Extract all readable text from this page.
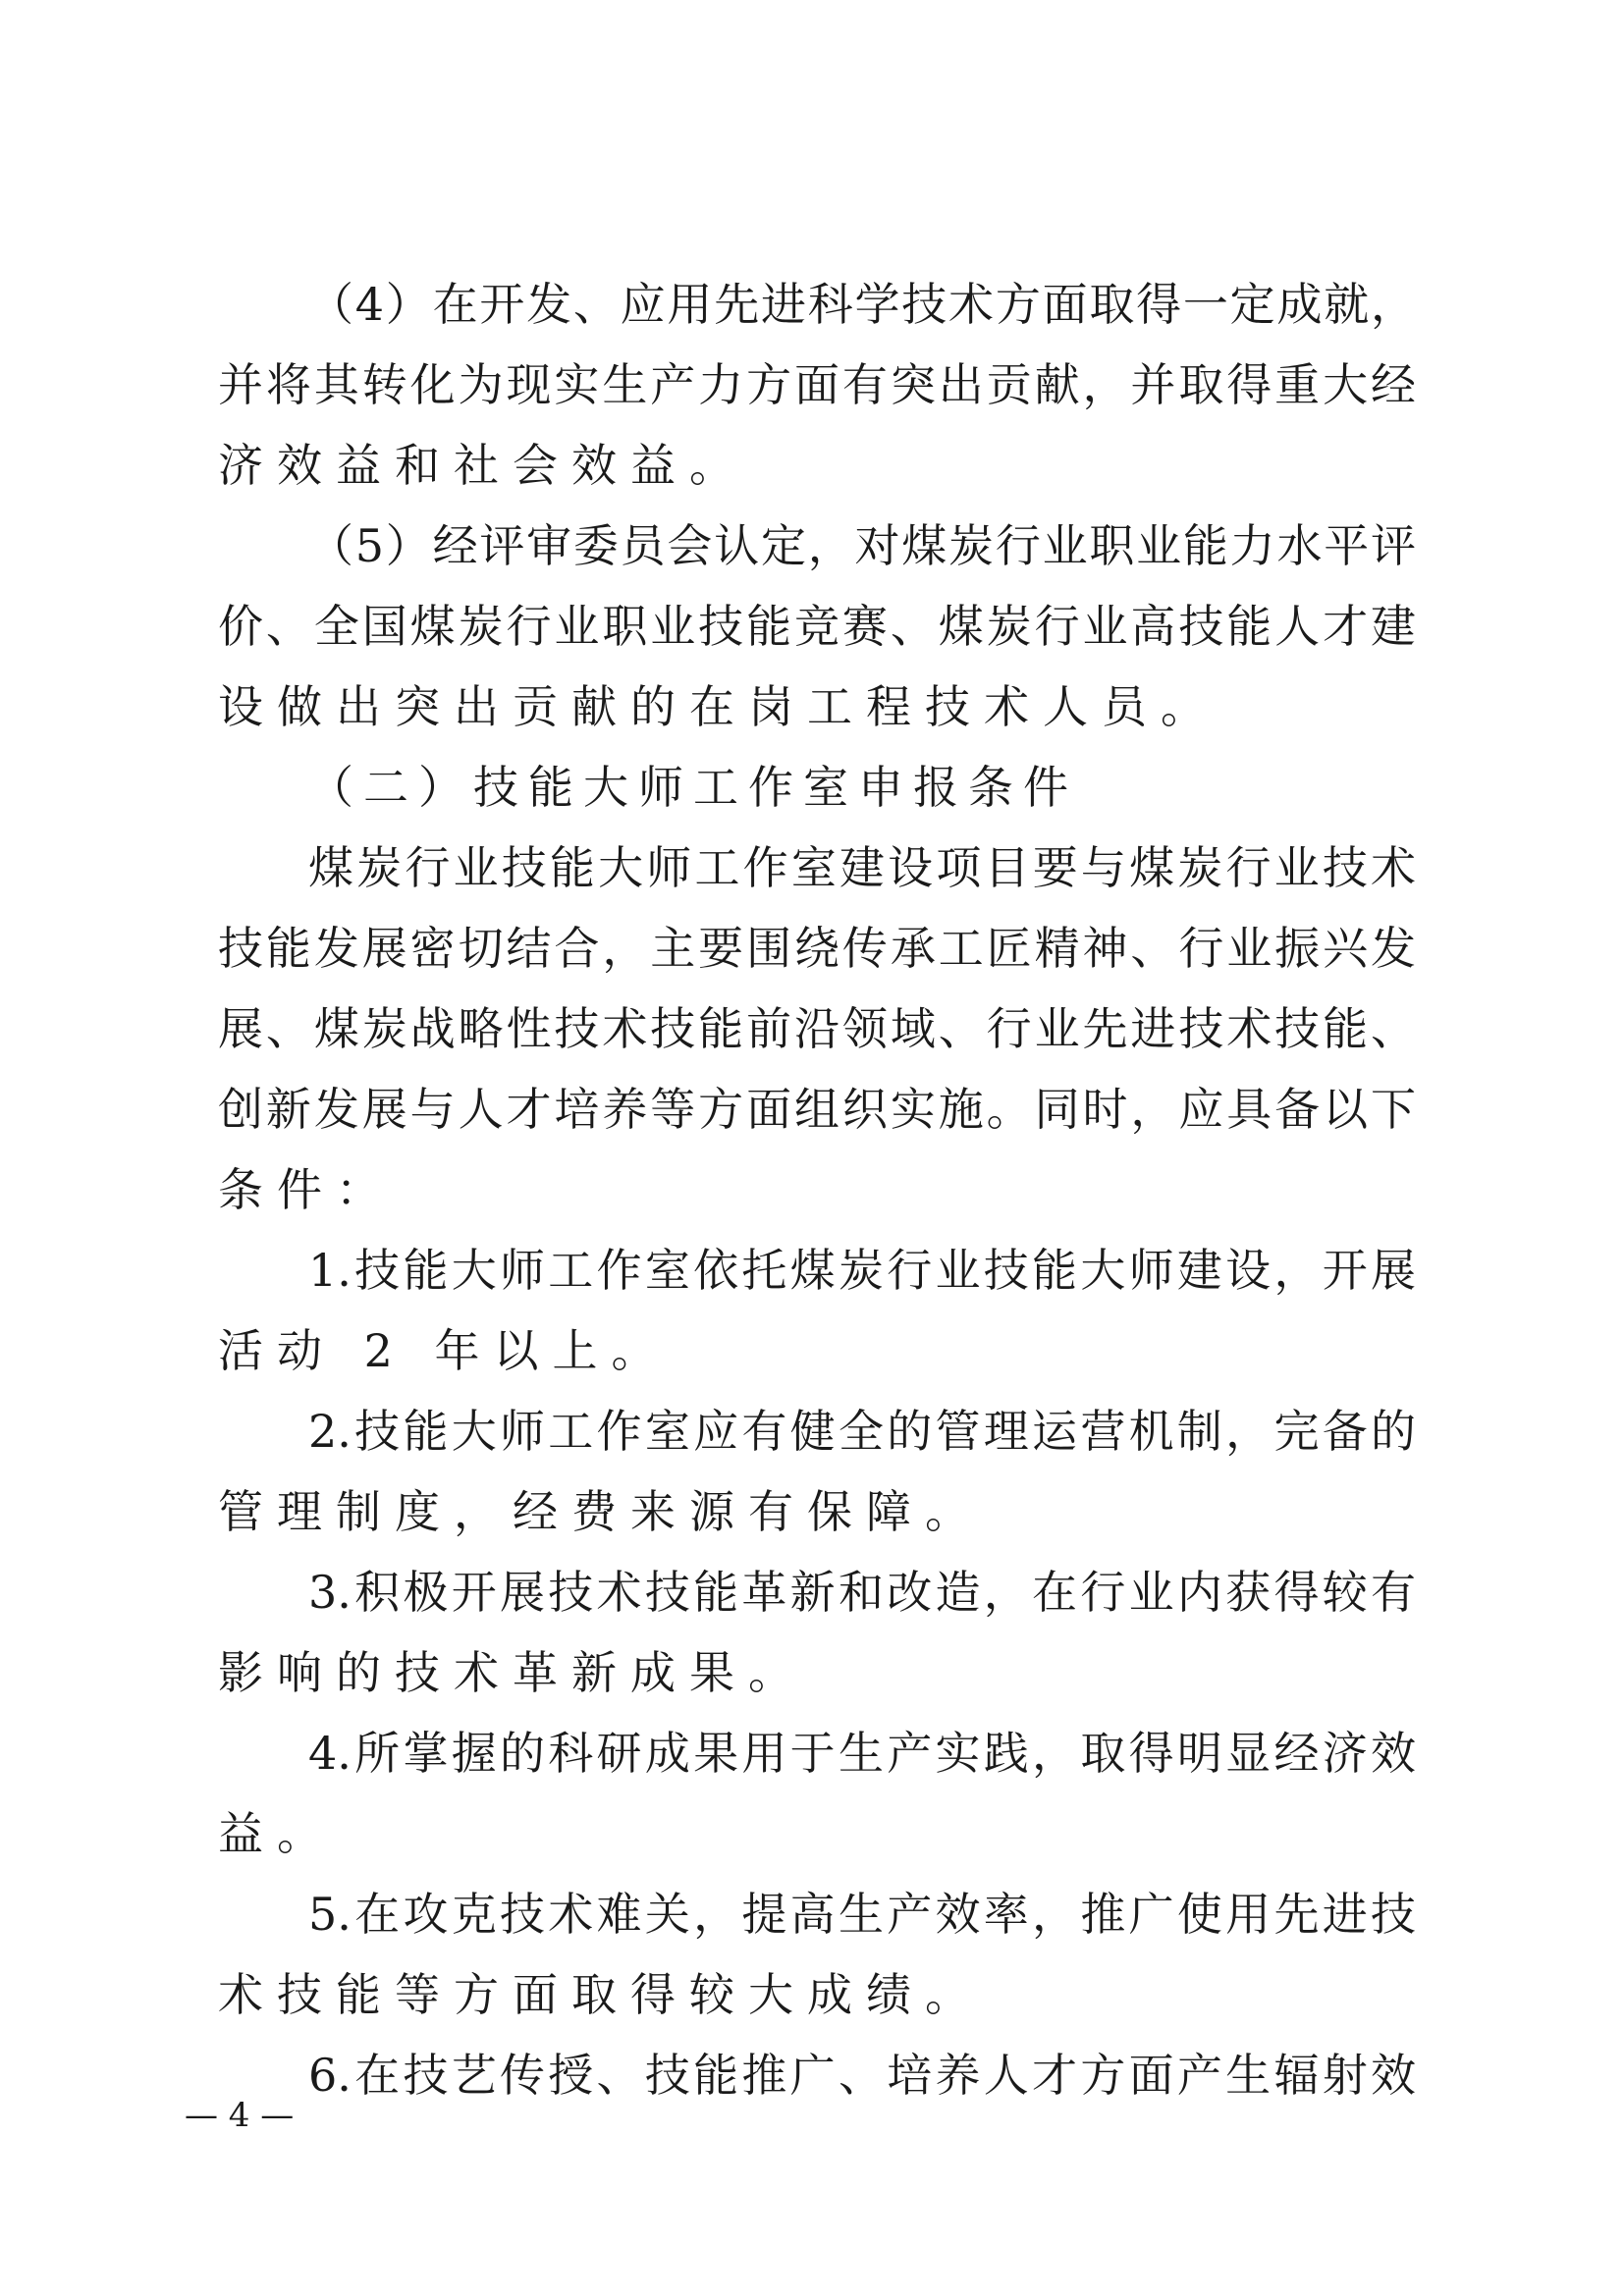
（4）在开发、应用先进科学技术方面取得一定成就，

并将其转化为现实生产力方面有突出贡献，并取得重大经

济效益和社会效益。

（5）经评审委员会认定，对煤炭行业职业能力水平评

价、全国煤炭行业职业技能竞赛、煤炭行业高技能人才建

设做出突出贡献的在岗工程技术人员。

（二）技能大师工作室申报条件

煤炭行业技能大师工作室建设项目要与煤炭行业技术

技能发展密切结合，主要围绕传承工匠精神、行业振兴发

展、煤炭战略性技术技能前沿领域、行业先进技术技能、

创新发展与人才培养等方面组织实施。同时，应具备以下

条件：

1.技能大师工作室依托煤炭行业技能大师建设，开展

活动 2 年以上。

2.技能大师工作室应有健全的管理运营机制，完备的

管理制度，经费来源有保障。

3.积极开展技术技能革新和改造，在行业内获得较有

影响的技术革新成果。

4.所掌握的科研成果用于生产实践，取得明显经济效

益。

5.在攻克技术难关，提高生产效率，推广使用先进技

术技能等方面取得较大成绩。

6.在技艺传授、技能推广、培养人才方面产生辐射效

— 4 —
